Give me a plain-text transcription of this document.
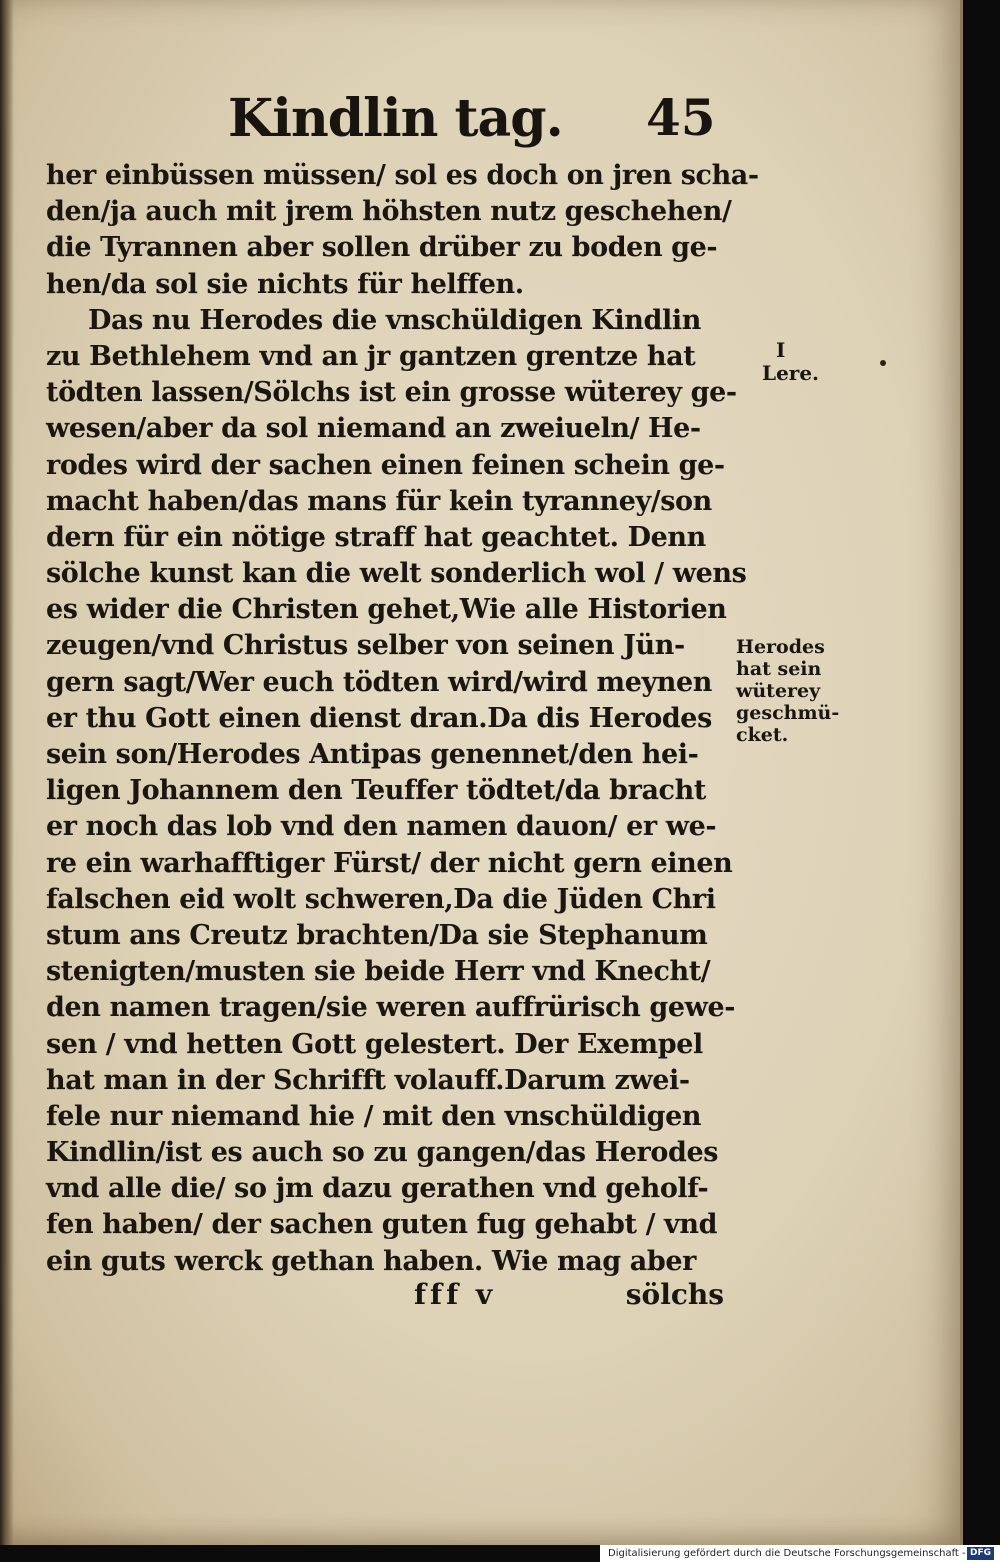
Kindlin tag. 45
her einbüssen müssen/ sol es doch on jren scha-
den/ja auch mit jrem höhsten nutz geschehen/
die Tyrannen aber sollen drüber zu boden ge-
hen/da sol sie nichts für helffen.
Das nu Herodes die vnschüldigen Kindlin
zu Bethlehem vnd an jr gantzen grentze hat
tödten lassen/Sölchs ist ein grosse wüterey ge-
wesen/aber da sol niemand an zweiueln/ He-
rodes wird der sachen einen feinen schein ge-
macht haben/das mans für kein tyranney/son
dern für ein nötige straff hat geachtet. Denn
sölche kunst kan die welt sonderlich wol / wens
es wider die Christen gehet,Wie alle Historien
zeugen/vnd Christus selber von seinen Jün-
gern sagt/Wer euch tödten wird/wird meynen
er thu Gott einen dienst dran.Da dis Herodes
sein son/Herodes Antipas genennet/den hei-
ligen Johannem den Teuffer tödtet/da bracht
er noch das lob vnd den namen dauon/ er we-
re ein warhafftiger Fürst/ der nicht gern einen
falschen eid wolt schweren,Da die Jüden Chri
stum ans Creutz brachten/Da sie Stephanum
stenigten/musten sie beide Herr vnd Knecht/
den namen tragen/sie weren auffrürisch gewe-
sen / vnd hetten Gott gelestert. Der Exempel
hat man in der Schrifft volauff.Darum zwei-
fele nur niemand hie / mit den vnschüldigen
Kindlin/ist es auch so zu gangen/das Herodes
vnd alle die/ so jm dazu gerathen vnd geholf-
fen haben/ der sachen guten fug gehabt / vnd
ein guts werck gethan haben. Wie mag aber
fff v	sölchs
I
Lere.
Herodes
hat sein
wüterey
geschmü-
cket.
Digitalisierung gefördert durch die Deutsche Forschungsgemeinschaft - DFG
